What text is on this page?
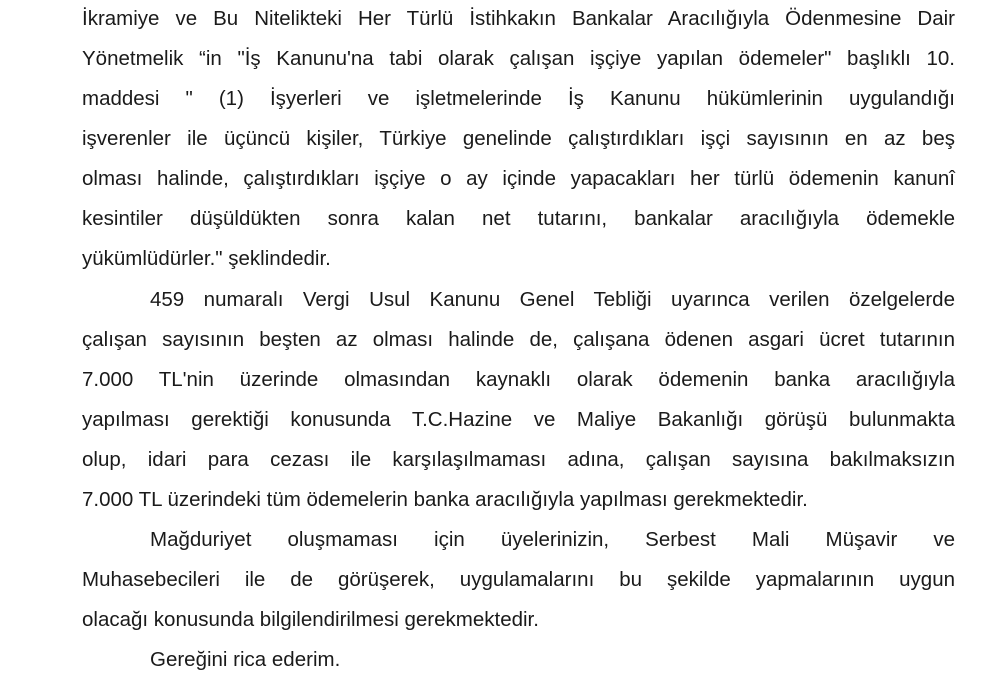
İkramiye ve Bu Nitelikteki Her Türlü İstihkakın Bankalar Aracılığıyla Ödenmesine Dair
Yönetmelik “in "İş Kanunu'na tabi olarak çalışan işçiye yapılan ödemeler" başlıklı 10.
maddesi " (1) İşyerleri ve işletmelerinde İş Kanunu hükümlerinin uygulandığı
işverenler ile üçüncü kişiler, Türkiye genelinde çalıştırdıkları işçi sayısının en az beş
olması halinde, çalıştırdıkları işçiye o ay içinde yapacakları her türlü ödemenin kanunî
kesintiler düşüldükten sonra kalan net tutarını, bankalar aracılığıyla ödemekle
yükümlüdürler." şeklindedir.
459 numaralı Vergi Usul Kanunu Genel Tebliği uyarınca verilen özelgelerde
çalışan sayısının beşten az olması halinde de, çalışana ödenen asgari ücret tutarının
7.000 TL'nin üzerinde olmasından kaynaklı olarak ödemenin banka aracılığıyla
yapılması gerektiği konusunda T.C.Hazine ve Maliye Bakanlığı görüşü bulunmakta
olup, idari para cezası ile karşılaşılmaması adına, çalışan sayısına bakılmaksızın
7.000 TL üzerindeki tüm ödemelerin banka aracılığıyla yapılması gerekmektedir.
Mağduriyet oluşmaması için üyelerinizin, Serbest Mali Müşavir ve
Muhasebecileri ile de görüşerek, uygulamalarını bu şekilde yapmalarının uygun
olacağı konusunda bilgilendirilmesi gerekmektedir.
Gereğini rica ederim.
